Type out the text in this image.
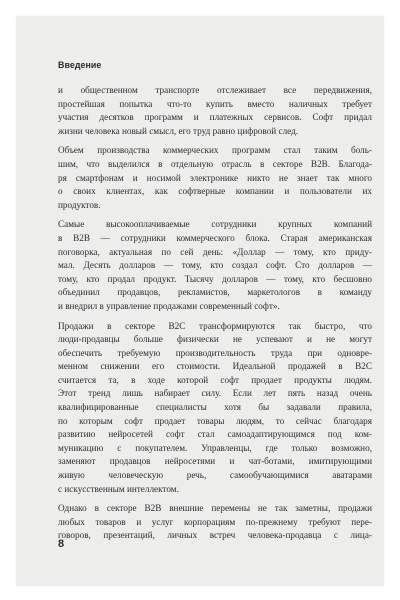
Введение

и общественном транспорте отслеживает все передвижения,
простейшая попытка что-то купить вместо наличных требует
участия десятков программ и платежных сервисов. Софт придал
жизни человека новый смысл, его труд равно цифровой след.

Объем производства коммерческих программ стал таким боль-
шим, что выделился в отдельную отрасль в секторе B2B. Благода-
ря смартфонам и носимой электронике никто не знает так много
о своих клиентах, как софтверные компании и пользователи их
продуктов.

Самые высокооплачиваемые сотрудники крупных компаний
в B2B — сотрудники коммерческого блока. Старая американская
поговорка, актуальная по сей день: «Доллар — тому, кто приду-
мал. Десять долларов — тому, кто создал софт. Сто долларов —
тому, кто продал продукт. Тысячу долларов — тому, кто бесшовно
объединил продавцов, рекламистов, маркетологов в команду
и внедрил в управление продажами современный софт».

Продажи в секторе B2C трансформируются так быстро, что
люди-продавцы больше физически не успевают и не могут
обеспечить требуемую производительность труда при одновре-
менном снижении его стоимости. Идеальной продажей в B2C
считается та, в ходе которой софт продает продукты людям.
Этот тренд лишь набирает силу. Если лет пять назад очень
квалифицированные специалисты хотя бы задавали правила,
по которым софт продает товары людям, то сейчас благодаря
развитию нейросетей софт стал самоадаптирующимся под ком-
муникацию с покупателем. Управленцы, где только возможно,
заменяют продавцов нейросетями и чат-ботами, имитирующими
живую человеческую речь, самообучающимися аватарами
с искусственным интеллектом.

Однако в секторе B2B внешние перемены не так заметны, продажи
любых товаров и услуг корпорациям по-прежнему требуют пере-
говоров, презентаций, личных встреч человека-продавца с лица-

8
